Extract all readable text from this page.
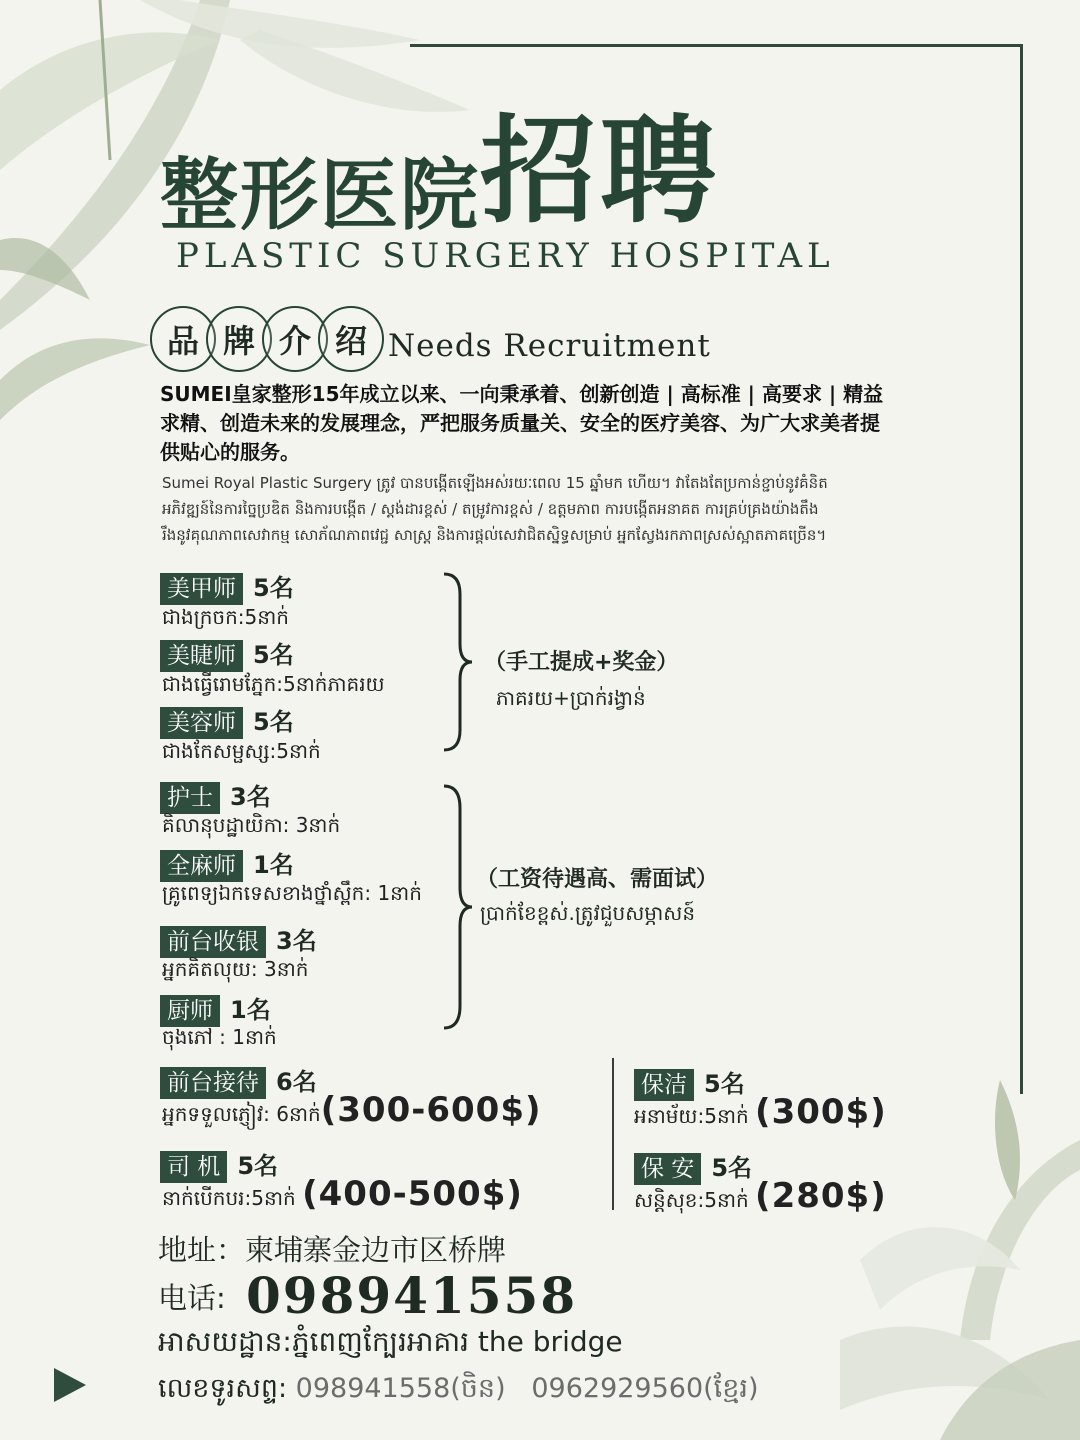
整形医院招聘
PLASTIC SURGERY HOSPITAL
品 牌 介 绍 Needs Recruitment
SUMEI皇家整形15年成立以来、一向秉承着、创新创造 | 高标准 | 高要求 | 精益
求精、创造未来的发展理念，严把服务质量关、安全的医疗美容、为广大求美者提
供贴心的服务。
Sumei Royal Plastic Surgery ត្រូវ បានបង្កើតឡើងអស់រយៈពេល 15 ឆ្នាំមក ហើយ។ វាតែងតែប្រកាន់ខ្ជាប់នូវគំនិត
អភិវឌ្ឍន៍នៃការច្នៃប្រឌិត និងការបង្កើត / ស្តង់ដារខ្ពស់ / តម្រូវការខ្ពស់ / ឧត្តមភាព ការបង្កើតអនាគត ការគ្រប់គ្រងយ៉ាងតឹង
រឹងនូវគុណភាពសេវាកម្ម សោភ័ណភាពវេជ្ជ សាស្ត្រ និងការផ្តល់សេវាជិតស្និទ្ធសម្រាប់ អ្នកស្វែងរកភាពស្រស់ស្អាតភាគច្រើន។
美甲师 5名
ជាងក្រចក:5នាក់
美睫师 5名
ជាងធ្វើរោមភ្នែក:5នាក់ភាគរយ
美容师 5名
ជាងកែសម្ផស្ស:5នាក់
（手工提成+奖金）
ភាគរយ+ប្រាក់រង្វាន់
护士 3名
គិលានុបដ្ឋាយិកា: 3នាក់
全麻师 1名
គ្រូពេទ្យឯកទេសខាងថ្នាំស្ពឹក: 1នាក់
前台收银 3名
អ្នកគិតលុយ: 3នាក់
厨师 1名
ចុងភៅ : 1នាក់
（工资待遇高、需面试）
ប្រាក់ខែខ្ពស់.ត្រូវជួបសម្ភាសន៍
前台接待 6名
អ្នកទទួលភ្ញៀវ: 6នាក់(300-600$)
司 机 5名
នាក់បើកបរ:5នាក់ (400-500$)
保洁 5名
អនាម័យ:5នាក់ (300$)
保 安 5名
សន្តិសុខ:5នាក់ (280$)
地址：柬埔寨金边市区桥牌
电话: 098941558
អាសយដ្ឋាន:ភ្នំពេញក្បែរអាគារ the bridge
លេខទូរសព្ទ: 098941558(ចិន) 0962929560(ខ្មែរ)
